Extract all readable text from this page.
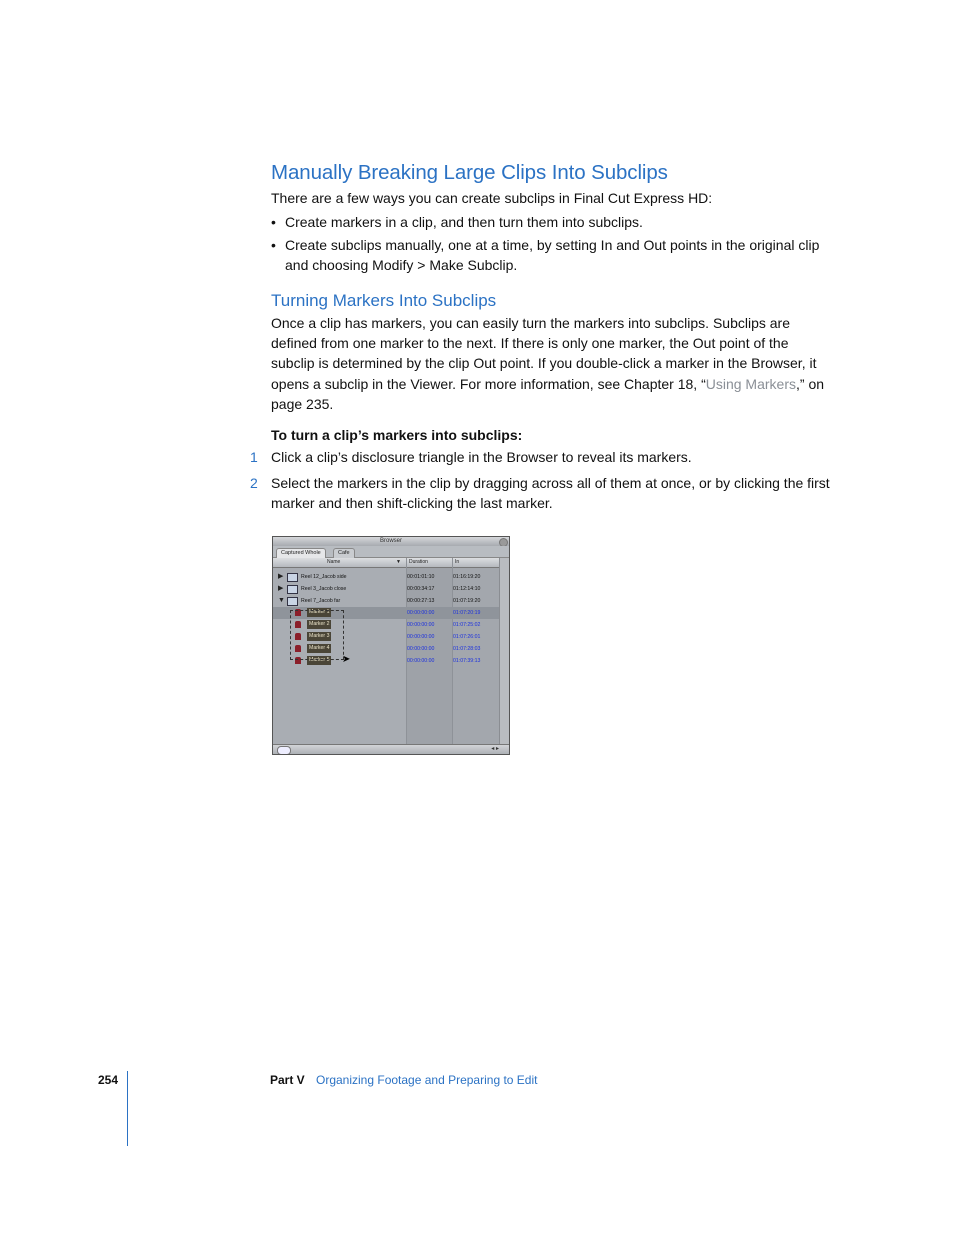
Manually Breaking Large Clips Into Subclips
There are a few ways you can create subclips in Final Cut Express HD:
• Create markers in a clip, and then turn them into subclips.
• Create subclips manually, one at a time, by setting In and Out points in the original clip and choosing Modify > Make Subclip.
Turning Markers Into Subclips
Once a clip has markers, you can easily turn the markers into subclips. Subclips are defined from one marker to the next. If there is only one marker, the Out point of the subclip is determined by the clip Out point. If you double-click a marker in the Browser, it opens a subclip in the Viewer. For more information, see Chapter 18, “Using Markers,” on page 235.
To turn a clip’s markers into subclips:
1 Click a clip’s disclosure triangle in the Browser to reveal its markers.
2 Select the markers in the clip by dragging across all of them at once, or by clicking the first marker and then shift-clicking the last marker.
Browser
Captured Whole	Cafe
Name	▼ Duration	In
▶	Reel 12_Jacob side	00:01:01:10	01:16:19:20
▶	Reel 3_Jacob close	00:00:34:17	01:12:14:10
▼	Reel 7_Jacob far	00:00:27:13	01:07:19:20
Marker 1	00:00:00:00	01:07:20:19
Marker 2	00:00:00:00	01:07:25:02
Marker 3	00:00:00:00	01:07:26:01
Marker 4	00:00:00:00	01:07:28:03
Marker 5	00:00:00:00	01:07:39:13
➤
◂ ▸
254	Part V Organizing Footage and Preparing to Edit
